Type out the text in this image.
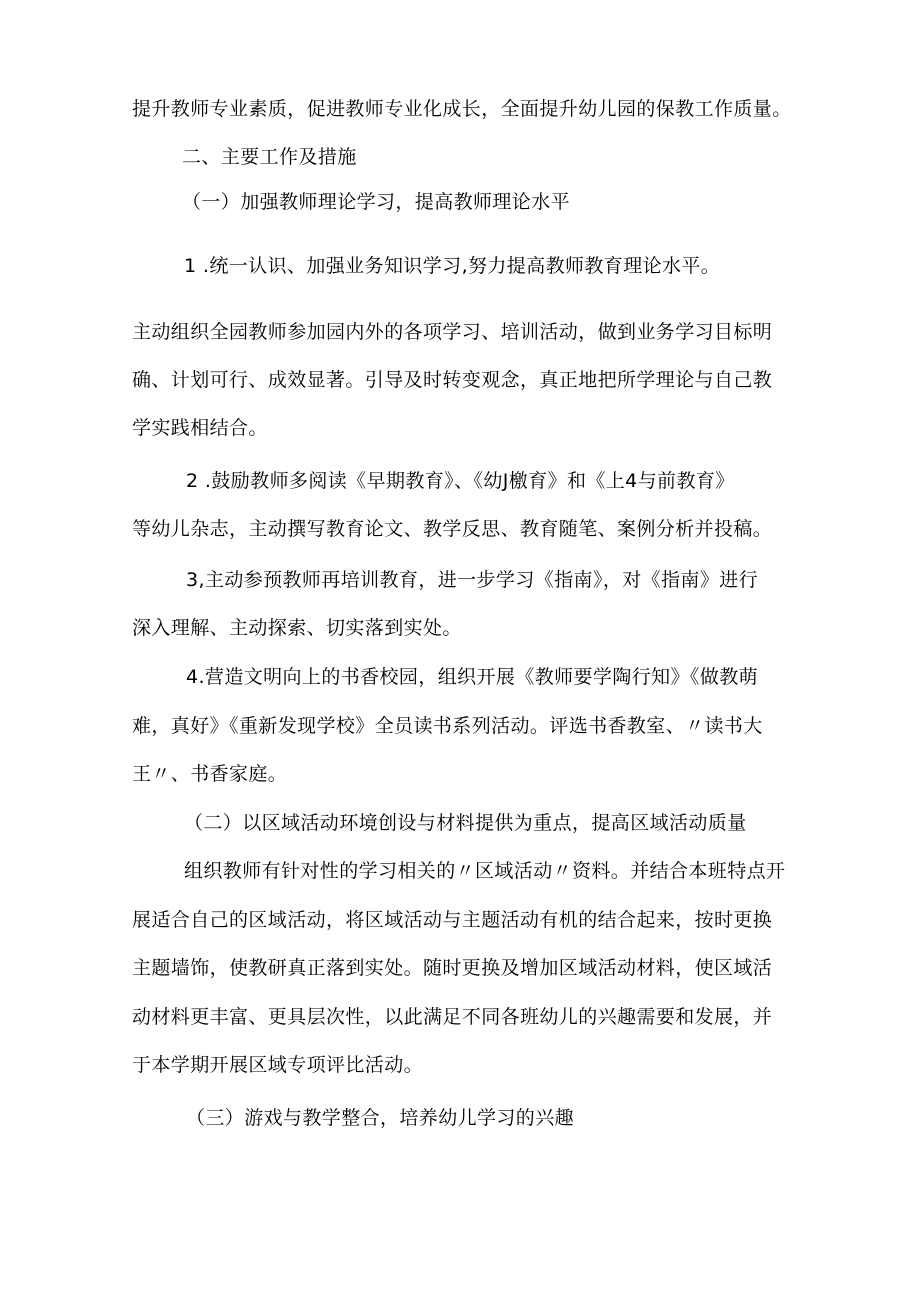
提升教师专业素质，促进教师专业化成长，全面提升幼儿园的保教工作质量。
二、主要工作及措施
（一）加强教师理论学习，提高教师理论水平
1 .统一认识、加强业务知识学习,努力提高教师教育理论水平。
主动组织全园教师参加园内外的各项学习、培训活动，做到业务学习目标明
确、计划可行、成效显著。引导及时转变观念，真正地把所学理论与自己教
学实践相结合。
2 .鼓励教师多阅读《早期教育》、《幼J檄育》和《上4与前教育》
等幼儿杂志，主动撰写教育论文、教学反思、教育随笔、案例分析并投稿。
3,主动参预教师再培训教育，进一步学习《指南》，对《指南》进行
深入理解、主动探索、切实落到实处。
4.营造文明向上的书香校园，组织开展《教师要学陶行知》《做教萌
难，真好》《重新发现学校》全员读书系列活动。评选书香教室、〃读书大
王〃、书香家庭。
（二）以区域活动环境创设与材料提供为重点，提高区域活动质量
组织教师有针对性的学习相关的〃区域活动〃资料。并结合本班特点开
展适合自己的区域活动，将区域活动与主题活动有机的结合起来，按时更换
主题墙饰，使教研真正落到实处。随时更换及增加区域活动材料，使区域活
动材料更丰富、更具层次性，以此满足不同各班幼儿的兴趣需要和发展，并
于本学期开展区域专项评比活动。
（三）游戏与教学整合，培养幼儿学习的兴趣
